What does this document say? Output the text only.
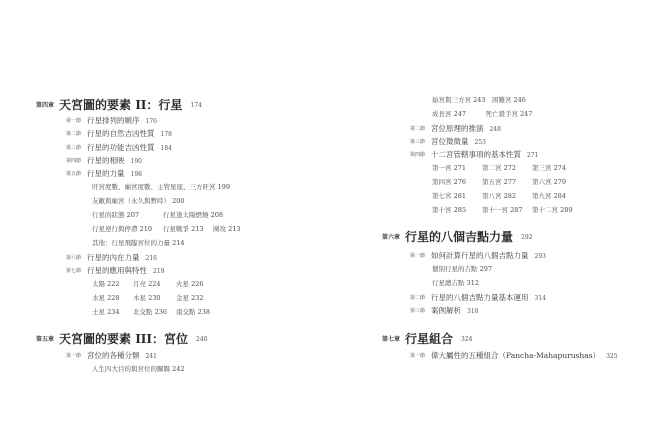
第四章 天宮圖的要素 II：行星 174
第一節 行星排列的順序 176
第二節 行星的自然吉凶性質 178
第三節 行星的功能吉凶性質 184
第四節 行星的相映 190
第五節 行星的力量 198
旺宮度數、廟宮度數、主管星座、三方旺宮 199
友敵與廟宮（永久與暫時） 200
行星的狀態 207	行星逢太陽燃燒 208
行星逆行與停滯 210 行星戰爭 213 圍攻 213
其他：行星飛臨宮位的力量 214
第六節 行星的內在力量 216
第七節 行星的應用與特性 219
太陽 222 月亮 224 火星 226
水星 228 木星 230 金星 232
土星 234 北交點 236 南交點 238
第五章 天宮圖的要素 III：宮位 240
第一節 宮位的各種分類 241
人生四大目的與宮位的關聯 242
始宮與三方宮 243　困難宮 246
成長宮 247　　　死亡殺手宮 247
第二節 宮位原理的推演 248
第三節 宮位徵徵量 253
第四節 十二宮管轄事項的基本性質 271
第一宮 271 第二宮 272 第三宮 274
第四宮 276 第五宮 277 第六宮 279
第七宮 281 第八宮 282 第九宮 284
第十宮 285 第十一宮 287 第十二宮 289
第六章 行星的八個吉點力量 292
第一節 如何計算行星的八個吉點力量 293
個別行星的吉點 297
行星總吉點 312
第二節 行星的八個吉點力量基本運用 314
第三節 案例解析 318
第七章 行星組合 324
第一節 偉大屬性的五種組合（Pancha-Mahapurushas） 325
